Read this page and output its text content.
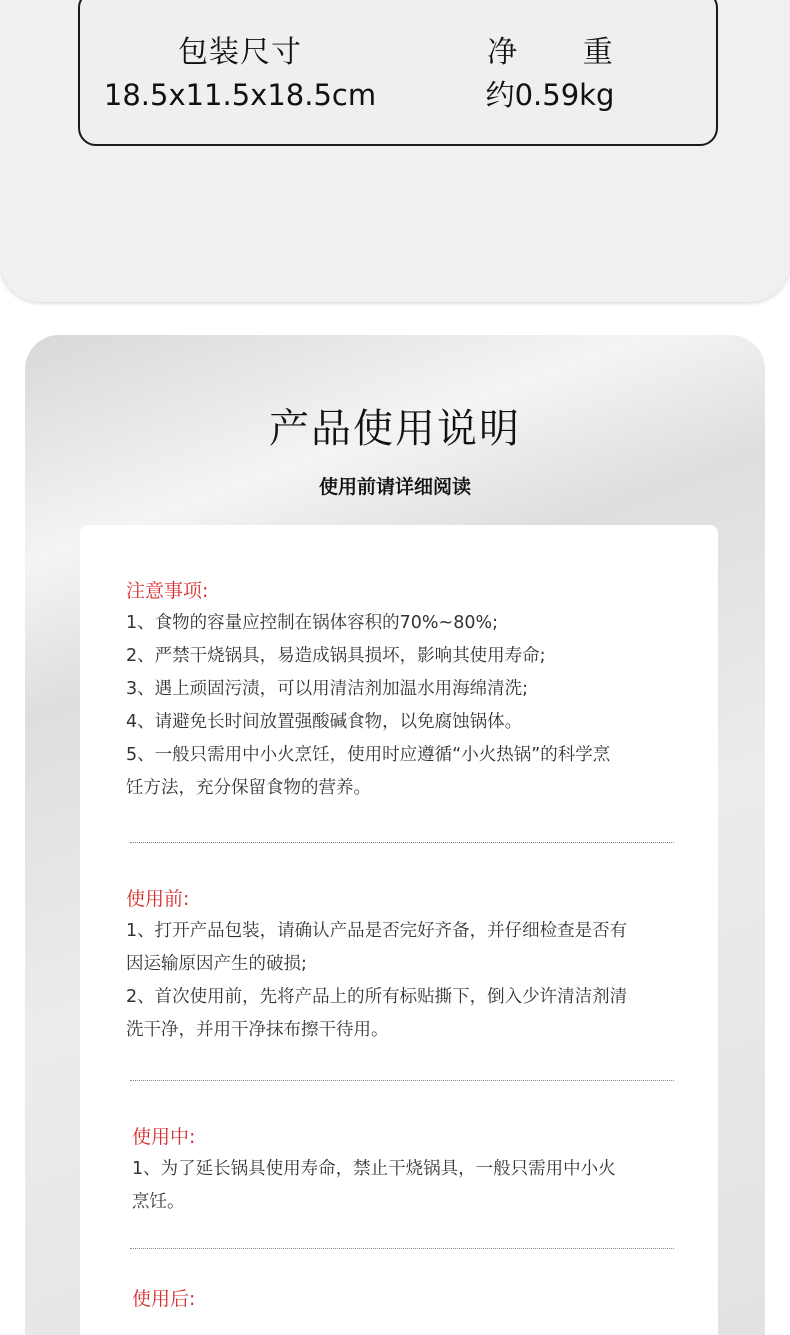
包装尺寸
18.5x11.5x18.5cm
净 重
约0.59kg
产品使用说明
使用前请详细阅读

注意事项:

1、食物的容量应控制在锅体容积的70%~80%;

2、严禁干烧锅具，易造成锅具损坏，影响其使用寿命;

3、遇上顽固污渍，可以用清洁剂加温水用海绵清洗;

4、请避免长时间放置强酸碱食物，以免腐蚀锅体。

5、一般只需用中小火烹饪，使用时应遵循“小火热锅”的科学烹

饪方法，充分保留食物的营养。

使用前:

1、打开产品包装，请确认产品是否完好齐备，并仔细检查是否有

因运输原因产生的破损;

2、首次使用前，先将产品上的所有标贴撕下，倒入少许清洁剂清

洗干净，并用干净抹布擦干待用。

使用中:

1、为了延长锅具使用寿命，禁止干烧锅具，一般只需用中小火

烹饪。

使用后:
